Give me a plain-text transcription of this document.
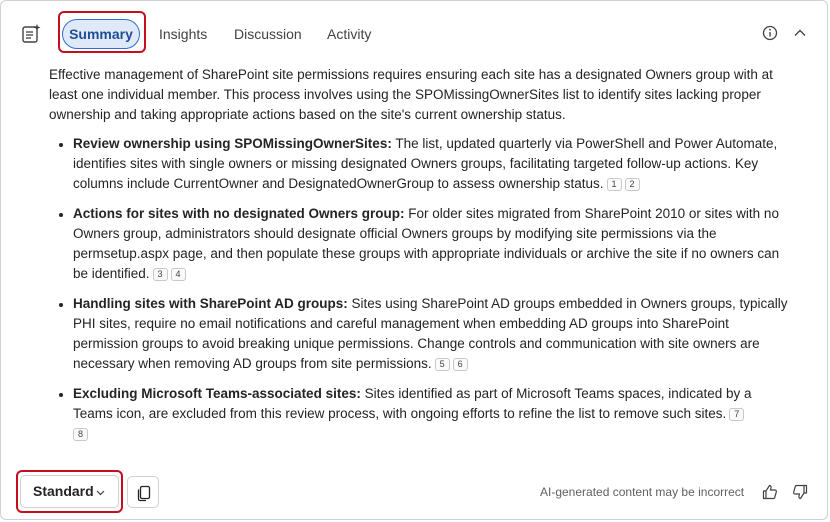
Summary	Insights Discussion Activity

Effective management of SharePoint site permissions requires ensuring each site has a designated Owners group with at least one individual member. This process involves using the SPOMissingOwnerSites list to identify sites lacking proper ownership and taking appropriate actions based on the site's current ownership status.

• Review ownership using SPOMissingOwnerSites: The list, updated quarterly via PowerShell and Power Automate, identifies sites with single owners or missing designated Owners groups, facilitating targeted follow-up actions. Key columns include CurrentOwner and DesignatedOwnerGroup to assess ownership status. 1 2
• Actions for sites with no designated Owners group: For older sites migrated from SharePoint 2010 or sites with no Owners group, administrators should designate official Owners groups by modifying site permissions via the permsetup.aspx page, and then populate these groups with appropriate individuals or archive the site if no owners can be identified. 3 4
• Handling sites with SharePoint AD groups: Sites using SharePoint AD groups embedded in Owners groups, typically PHI sites, require no email notifications and careful management when embedding AD groups into SharePoint permission groups to avoid breaking unique permissions. Change controls and communication with site owners are necessary when removing AD groups from site permissions. 5 6
• Excluding Microsoft Teams-associated sites: Sites identified as part of Microsoft Teams spaces, indicated by a Teams icon, are excluded from this review process, with ongoing efforts to refine the list to remove such sites. 7
8
Standard	AI-generated content may be incorrect
